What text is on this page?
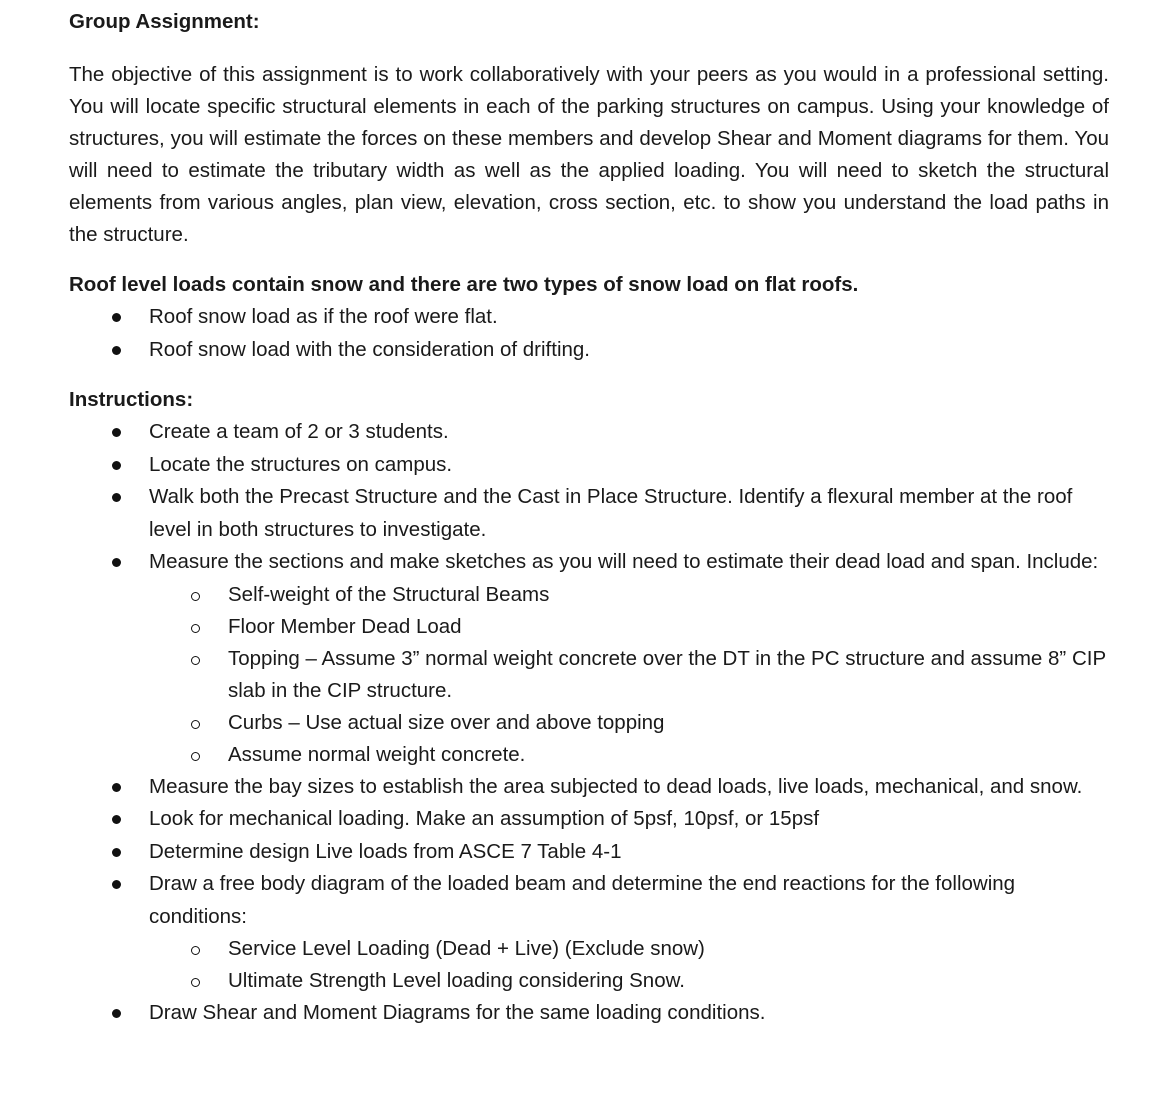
Group Assignment:

The objective of this assignment is to work collaboratively with your peers as you would in a professional setting. You will locate specific structural elements in each of the parking structures on campus. Using your knowledge of structures, you will estimate the forces on these members and develop Shear and Moment diagrams for them. You will need to estimate the tributary width as well as the applied loading. You will need to sketch the structural elements from various angles, plan view, elevation, cross section, etc. to show you understand the load paths in the structure.

Roof level loads contain snow and there are two types of snow load on flat roofs.

Roof snow load as if the roof were flat.
Roof snow load with the consideration of drifting.

Instructions:

Create a team of 2 or 3 students.
Locate the structures on campus.
Walk both the Precast Structure and the Cast in Place Structure. Identify a flexural member at the roof level in both structures to investigate.
Measure the sections and make sketches as you will need to estimate their dead load and span. Include:
Self-weight of the Structural Beams
Floor Member Dead Load
Topping – Assume 3” normal weight concrete over the DT in the PC structure and assume 8” CIP slab in the CIP structure.
Curbs – Use actual size over and above topping
Assume normal weight concrete.
Measure the bay sizes to establish the area subjected to dead loads, live loads, mechanical, and snow.
Look for mechanical loading. Make an assumption of 5psf, 10psf, or 15psf
Determine design Live loads from ASCE 7 Table 4-1
Draw a free body diagram of the loaded beam and determine the end reactions for the following conditions:
Service Level Loading (Dead + Live) (Exclude snow)
Ultimate Strength Level loading considering Snow.
Draw Shear and Moment Diagrams for the same loading conditions.
